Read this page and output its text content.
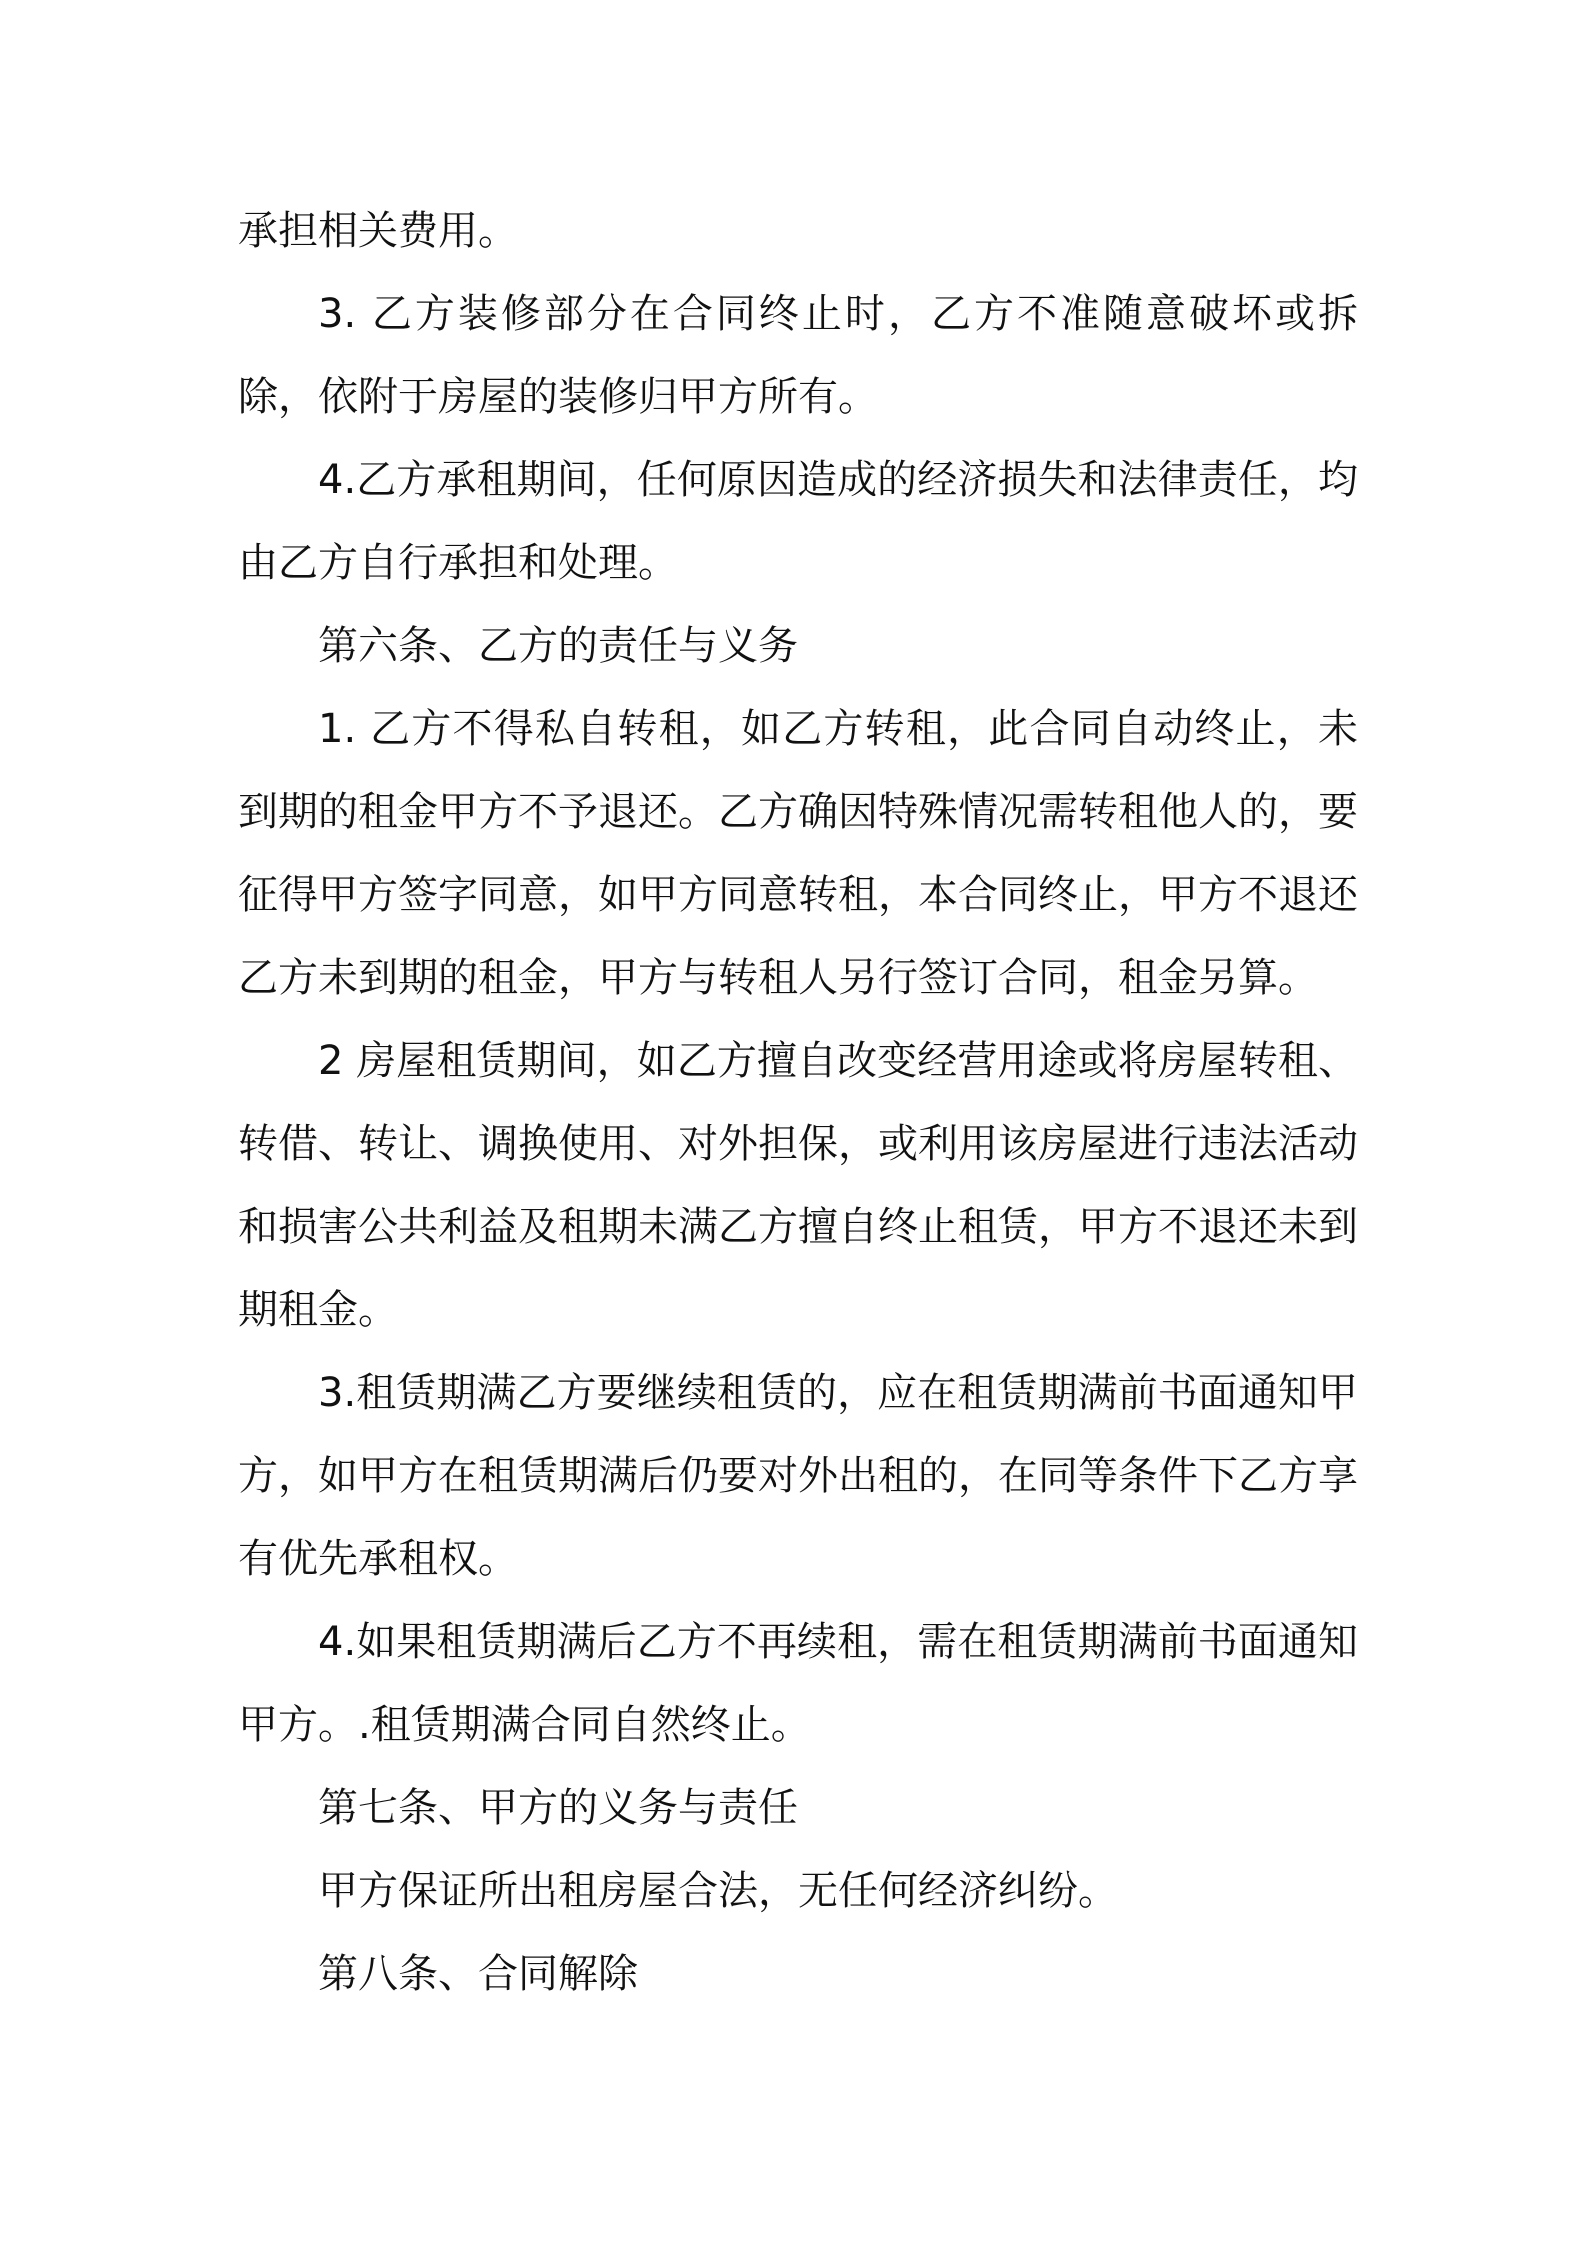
承担相关费用。

3. 乙方装修部分在合同终止时，乙方不准随意破坏或拆除，依附于房屋的装修归甲方所有。

4.乙方承租期间，任何原因造成的经济损失和法律责任，均由乙方自行承担和处理。

第六条、乙方的责任与义务

1. 乙方不得私自转租，如乙方转租，此合同自动终止，未到期的租金甲方不予退还。乙方确因特殊情况需转租他人的，要征得甲方签字同意，如甲方同意转租，本合同终止，甲方不退还乙方未到期的租金，甲方与转租人另行签订合同，租金另算。

2 房屋租赁期间，如乙方擅自改变经营用途或将房屋转租、转借、转让、调换使用、对外担保，或利用该房屋进行违法活动和损害公共利益及租期未满乙方擅自终止租赁，甲方不退还未到期租金。

3.租赁期满乙方要继续租赁的，应在租赁期满前书面通知甲方，如甲方在租赁期满后仍要对外出租的，在同等条件下乙方享有优先承租权。

4.如果租赁期满后乙方不再续租，需在租赁期满前书面通知甲方。.租赁期满合同自然终止。

第七条、甲方的义务与责任

甲方保证所出租房屋合法，无任何经济纠纷。

第八条、合同解除
